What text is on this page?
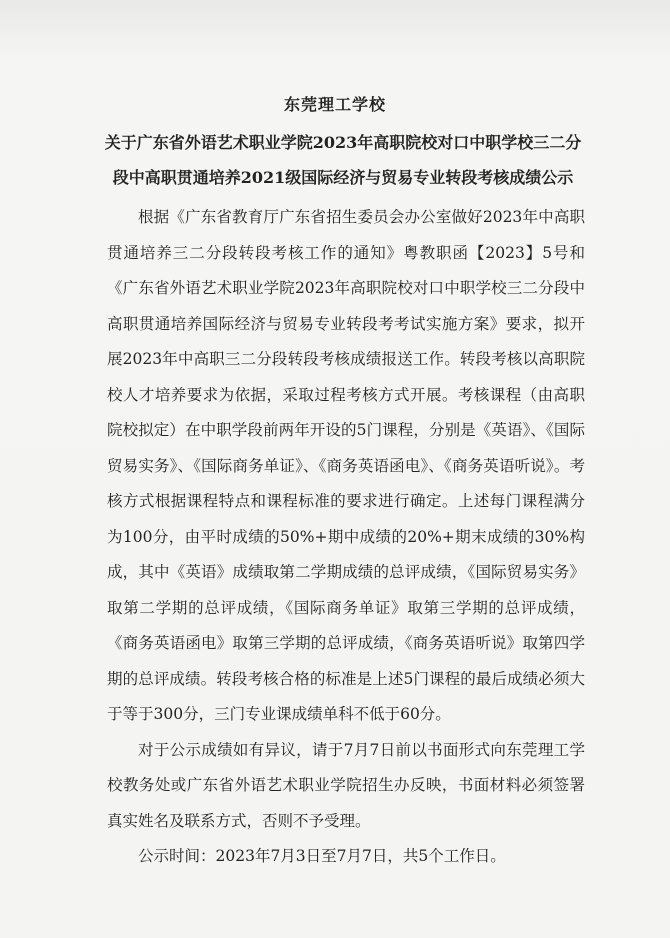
东莞理工学校
关于广东省外语艺术职业学院2023年高职院校对口中职学校三二分
段中高职贯通培养2021级国际经济与贸易专业转段考核成绩公示

根据《广东省教育厅广东省招生委员会办公室做好2023年中高职贯通培养三二分段转段考核工作的通知》粤教职函【2023】5号和《广东省外语艺术职业学院2023年高职院校对口中职学校三二分段中高职贯通培养国际经济与贸易专业转段考考试实施方案》要求，拟开展2023年中高职三二分段转段考核成绩报送工作。转段考核以高职院校人才培养要求为依据，采取过程考核方式开展。考核课程（由高职院校拟定）在中职学段前两年开设的5门课程，分别是《英语》、《国际贸易实务》、《国际商务单证》、《商务英语函电》、《商务英语听说》。考核方式根据课程特点和课程标准的要求进行确定。上述每门课程满分为100分，由平时成绩的50%+期中成绩的20%+期末成绩的30%构成，其中《英语》成绩取第二学期成绩的总评成绩，《国际贸易实务》取第二学期的总评成绩，《国际商务单证》取第三学期的总评成绩，《商务英语函电》取第三学期的总评成绩，《商务英语听说》取第四学期的总评成绩。转段考核合格的标准是上述5门课程的最后成绩必须大于等于300分，三门专业课成绩单科不低于60分。

对于公示成绩如有异议，请于7月7日前以书面形式向东莞理工学校教务处或广东省外语艺术职业学院招生办反映，书面材料必须签署真实姓名及联系方式，否则不予受理。

公示时间：2023年7月3日至7月7日，共5个工作日。
